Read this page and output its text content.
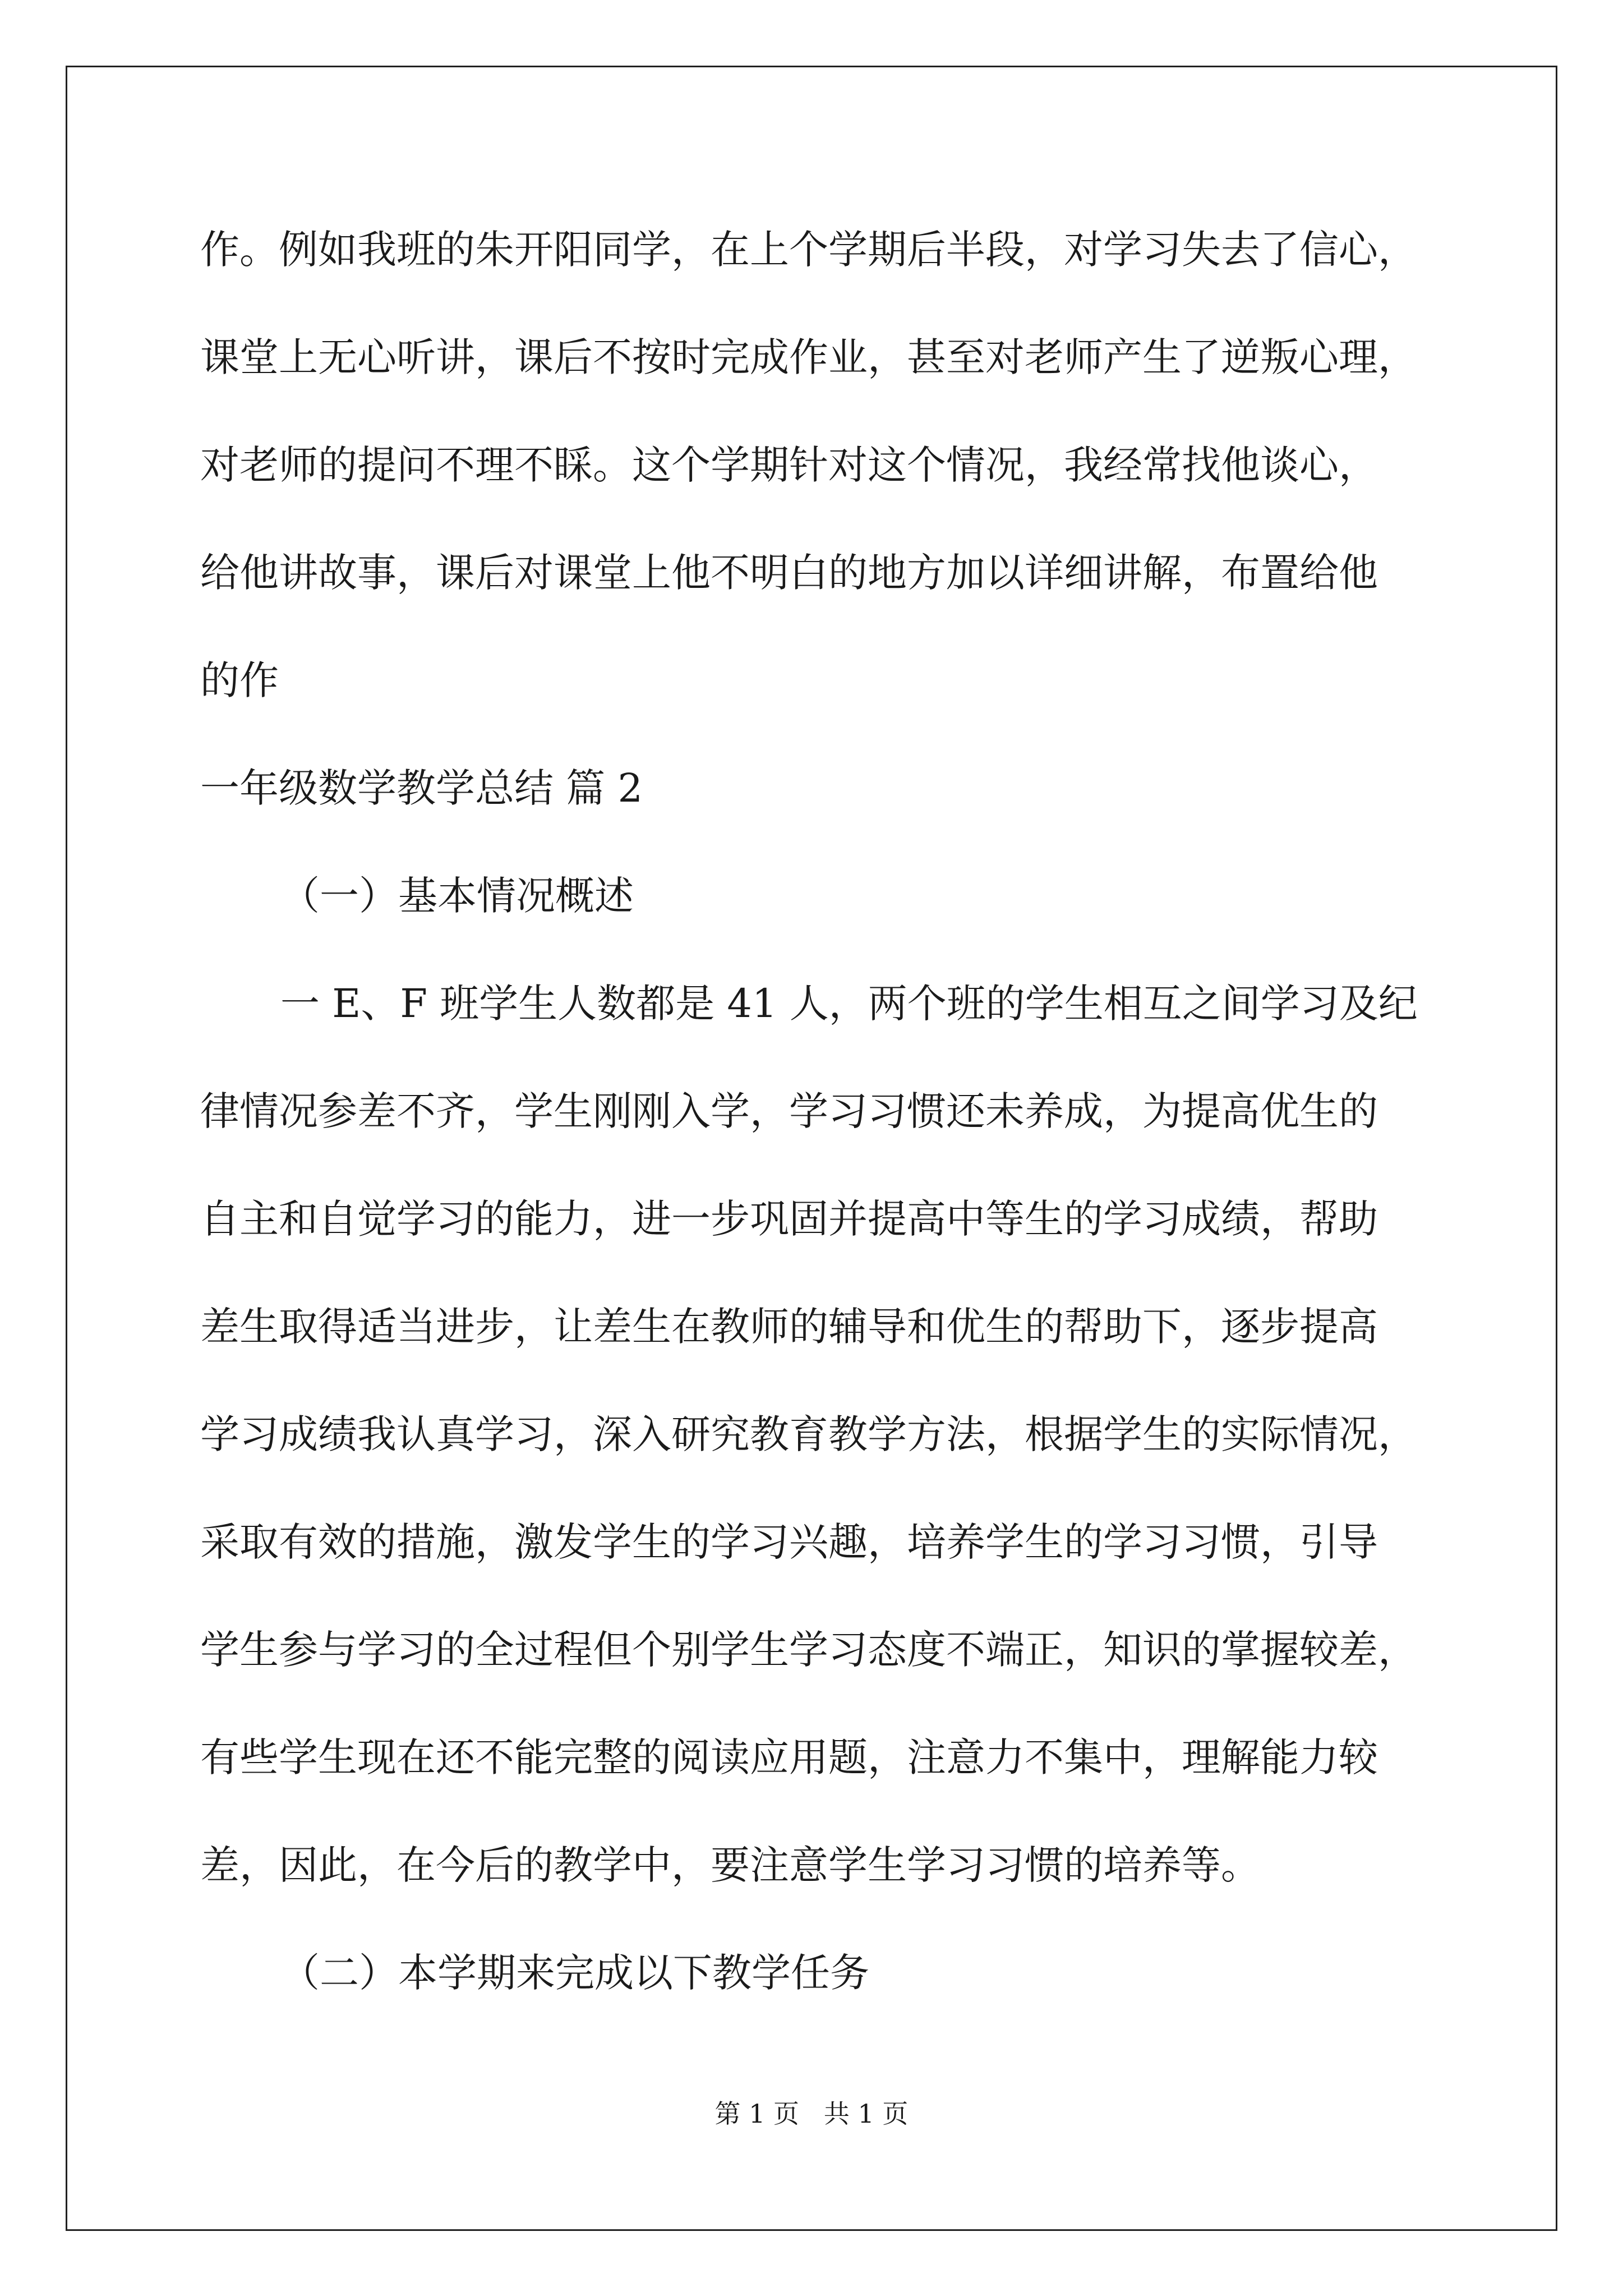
作。例如我班的朱开阳同学，在上个学期后半段，对学习失去了信心，

课堂上无心听讲，课后不按时完成作业，甚至对老师产生了逆叛心理，

对老师的提问不理不睬。这个学期针对这个情况，我经常找他谈心，

给他讲故事，课后对课堂上他不明白的地方加以详细讲解，布置给他

的作

一年级数学教学总结 篇 2

（一）基本情况概述

一 E、F 班学生人数都是 41 人，两个班的学生相互之间学习及纪

律情况参差不齐，学生刚刚入学，学习习惯还未养成，为提高优生的

自主和自觉学习的能力，进一步巩固并提高中等生的学习成绩，帮助

差生取得适当进步，让差生在教师的辅导和优生的帮助下，逐步提高

学习成绩我认真学习，深入研究教育教学方法，根据学生的实际情况，

采取有效的措施，激发学生的学习兴趣，培养学生的学习习惯，引导

学生参与学习的全过程但个别学生学习态度不端正，知识的掌握较差，

有些学生现在还不能完整的阅读应用题，注意力不集中，理解能力较

差，因此，在今后的教学中，要注意学生学习习惯的培养等。

（二）本学期来完成以下教学任务

第 1 页   共 1 页
